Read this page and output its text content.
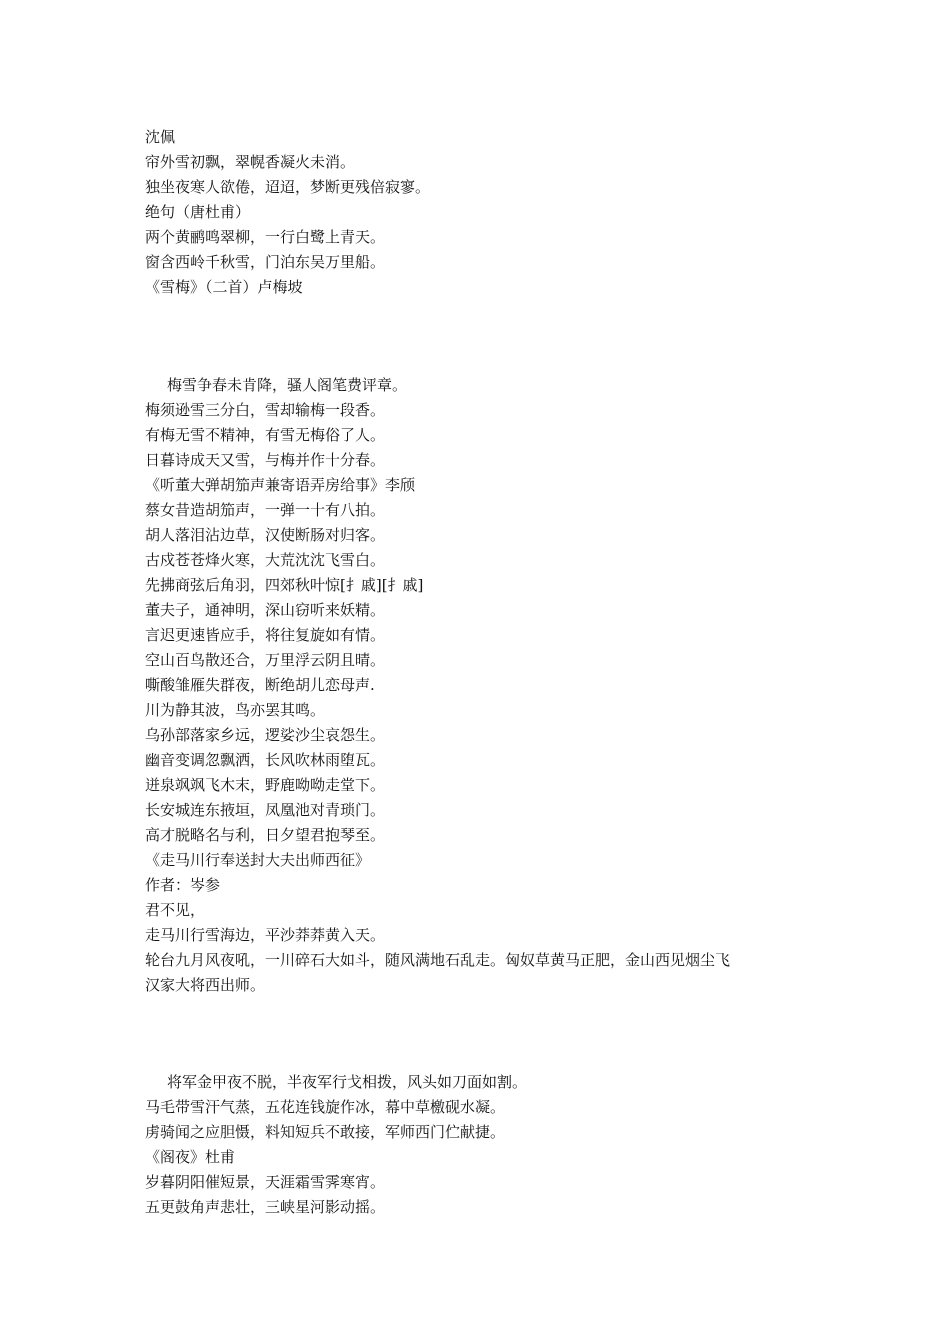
沈佩
帘外雪初飘，翠幌香凝火未消。
独坐夜寒人欲倦，迢迢，梦断更残倍寂寥。
绝句（唐杜甫）
两个黄鹂鸣翠柳，一行白鹭上青天。
窗含西岭千秋雪，门泊东吴万里船。
《雪梅》（二首）卢梅坡
梅雪争春未肯降，骚人阁笔费评章。
梅须逊雪三分白，雪却输梅一段香。
有梅无雪不精神，有雪无梅俗了人。
日暮诗成天又雪，与梅并作十分春。
《听董大弹胡笳声兼寄语弄房给事》李颀
蔡女昔造胡笳声，一弹一十有八拍。
胡人落泪沾边草，汉使断肠对归客。
古戍苍苍烽火寒，大荒沈沈飞雪白。
先拂商弦后角羽，四郊秋叶惊[扌戚][扌戚]
董夫子，通神明，深山窃听来妖精。
言迟更速皆应手，将往复旋如有情。
空山百鸟散还合，万里浮云阴且晴。
嘶酸雏雁失群夜，断绝胡儿恋母声.
川为静其波，鸟亦罢其鸣。
乌孙部落家乡远，逻娑沙尘哀怨生。
幽音变调忽飘洒，长风吹林雨堕瓦。
迸泉飒飒飞木末，野鹿呦呦走堂下。
长安城连东掖垣，凤凰池对青琐门。
高才脱略名与利，日夕望君抱琴至。
《走马川行奉送封大夫出师西征》
作者：岑参
君不见，
走马川行雪海边，平沙莽莽黄入天。
轮台九月风夜吼，一川碎石大如斗，随风满地石乱走。匈奴草黄马正肥，金山西见烟尘飞
汉家大将西出师。
将军金甲夜不脱，半夜军行戈相拨，风头如刀面如割。
马毛带雪汗气蒸，五花连钱旋作冰，幕中草檄砚水凝。
虏骑闻之应胆慑，料知短兵不敢接，军师西门伫献捷。
《阁夜》杜甫
岁暮阴阳催短景，天涯霜雪霁寒宵。
五更鼓角声悲壮，三峡星河影动摇。
